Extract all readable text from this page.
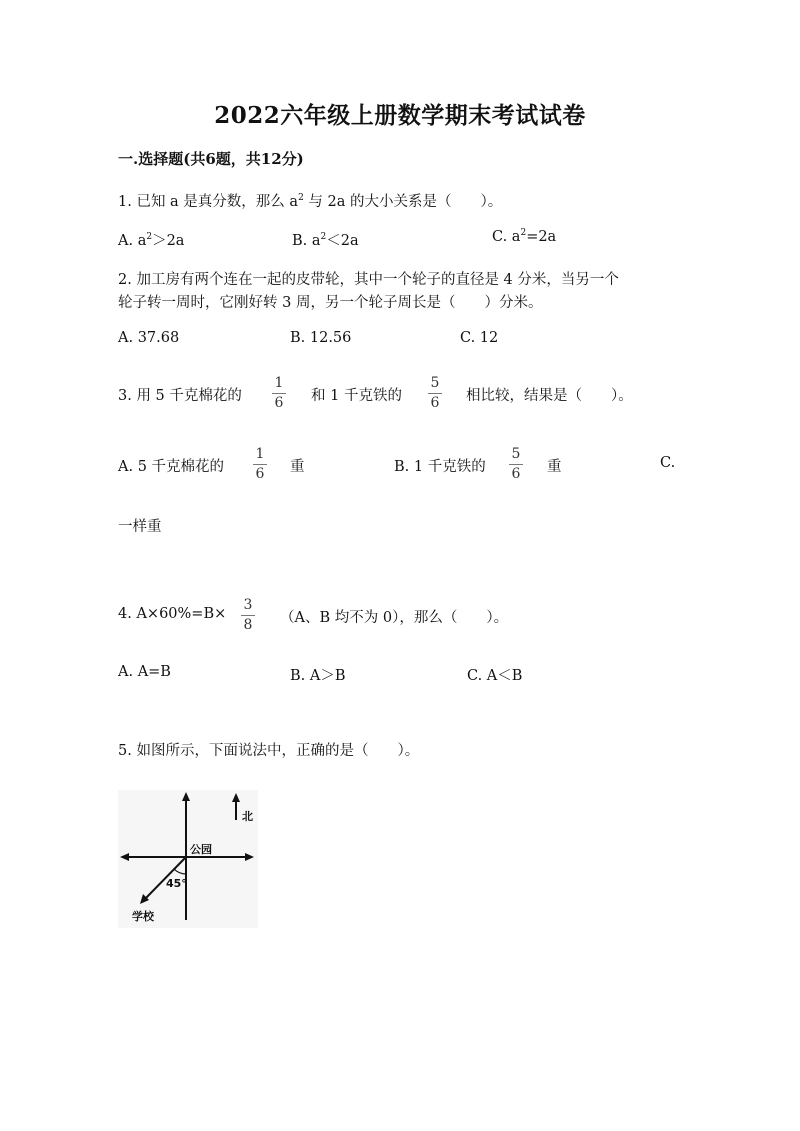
2022六年级上册数学期末考试试卷
一.选择题(共6题，共12分)
1. 已知 a 是真分数，那么 $a^2$ 与 2a 的大小关系是（　　）。
A. $a^2>2a$	B. $a^2<2a$	C. $a^2=2a$
2. 加工房有两个连在一起的皮带轮，其中一个轮子的直径是 4 分米，当另一个
轮子转一周时，它刚好转 3 周，另一个轮子周长是（　　）分米。
A. 37.68	B. 12.56	C. 12
3. 用 5 千克棉花的
1
6	和 1 千克铁的
5
6	相比较，结果是（　　）。
A. 5 千克棉花的
1
6	重	B. 1 千克铁的
5
6	重	C.
一样重
4. A×60%=B×
3
8	（A、B 均不为 0），那么（　　）。
A. A=B	B. A＞B	C. A＜B
5. 如图所示，下面说法中，正确的是（　　）。
北
公园
45°
学校
